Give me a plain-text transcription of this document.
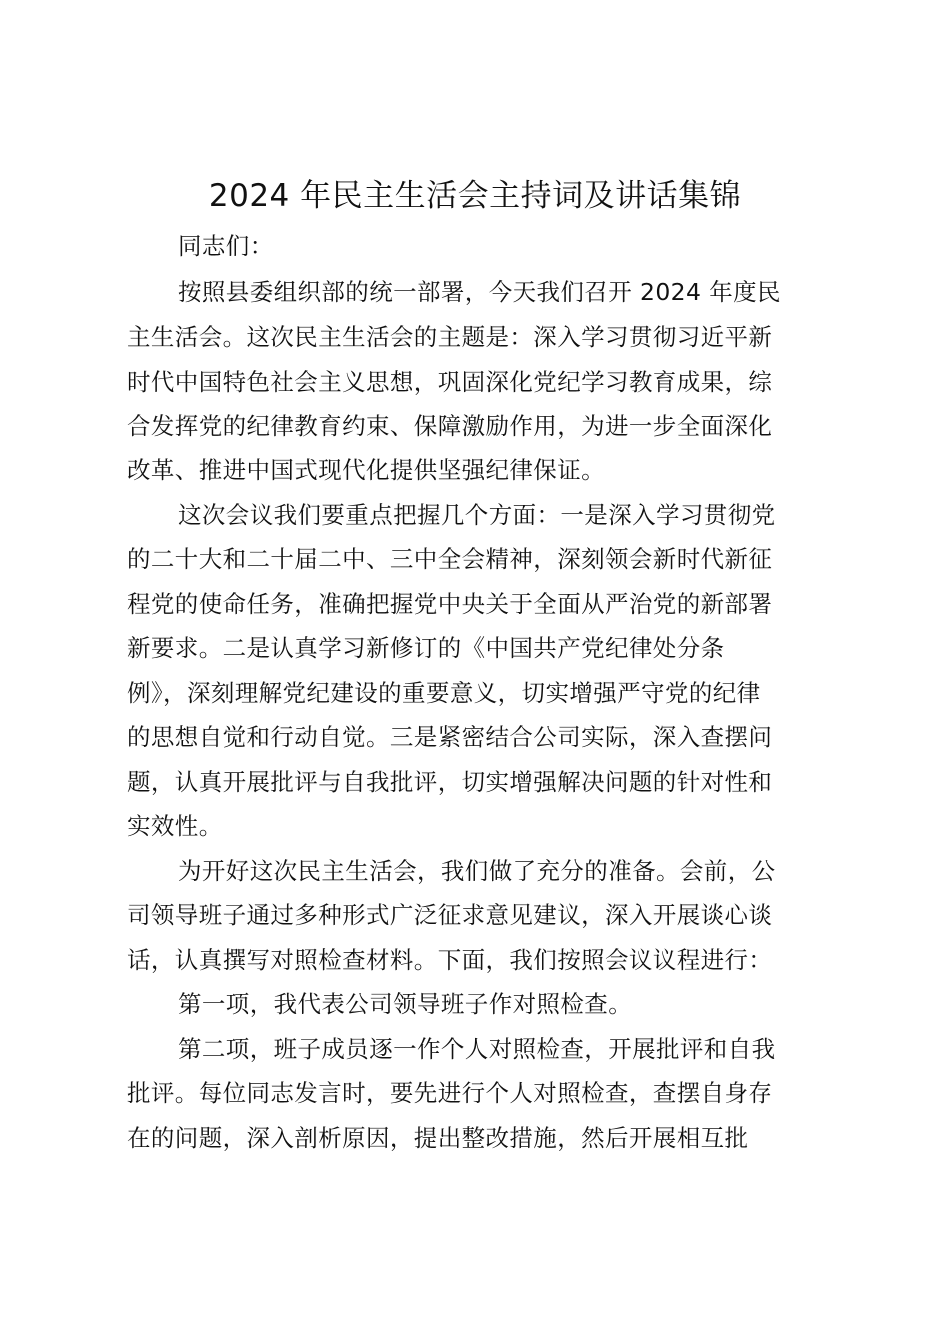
2024 年民主生活会主持词及讲话集锦
同志们：
按照县委组织部的统一部署，今天我们召开 2024 年度民
主生活会。这次民主生活会的主题是：深入学习贯彻习近平新
时代中国特色社会主义思想，巩固深化党纪学习教育成果，综
合发挥党的纪律教育约束、保障激励作用，为进一步全面深化
改革、推进中国式现代化提供坚强纪律保证。
这次会议我们要重点把握几个方面：一是深入学习贯彻党
的二十大和二十届二中、三中全会精神，深刻领会新时代新征
程党的使命任务，准确把握党中央关于全面从严治党的新部署
新要求。二是认真学习新修订的《中国共产党纪律处分条
例》，深刻理解党纪建设的重要意义，切实增强严守党的纪律
的思想自觉和行动自觉。三是紧密结合公司实际，深入查摆问
题，认真开展批评与自我批评，切实增强解决问题的针对性和
实效性。
为开好这次民主生活会，我们做了充分的准备。会前，公
司领导班子通过多种形式广泛征求意见建议，深入开展谈心谈
话，认真撰写对照检查材料。下面，我们按照会议议程进行：
第一项，我代表公司领导班子作对照检查。
第二项，班子成员逐一作个人对照检查，开展批评和自我
批评。每位同志发言时，要先进行个人对照检查，查摆自身存
在的问题，深入剖析原因，提出整改措施，然后开展相互批
